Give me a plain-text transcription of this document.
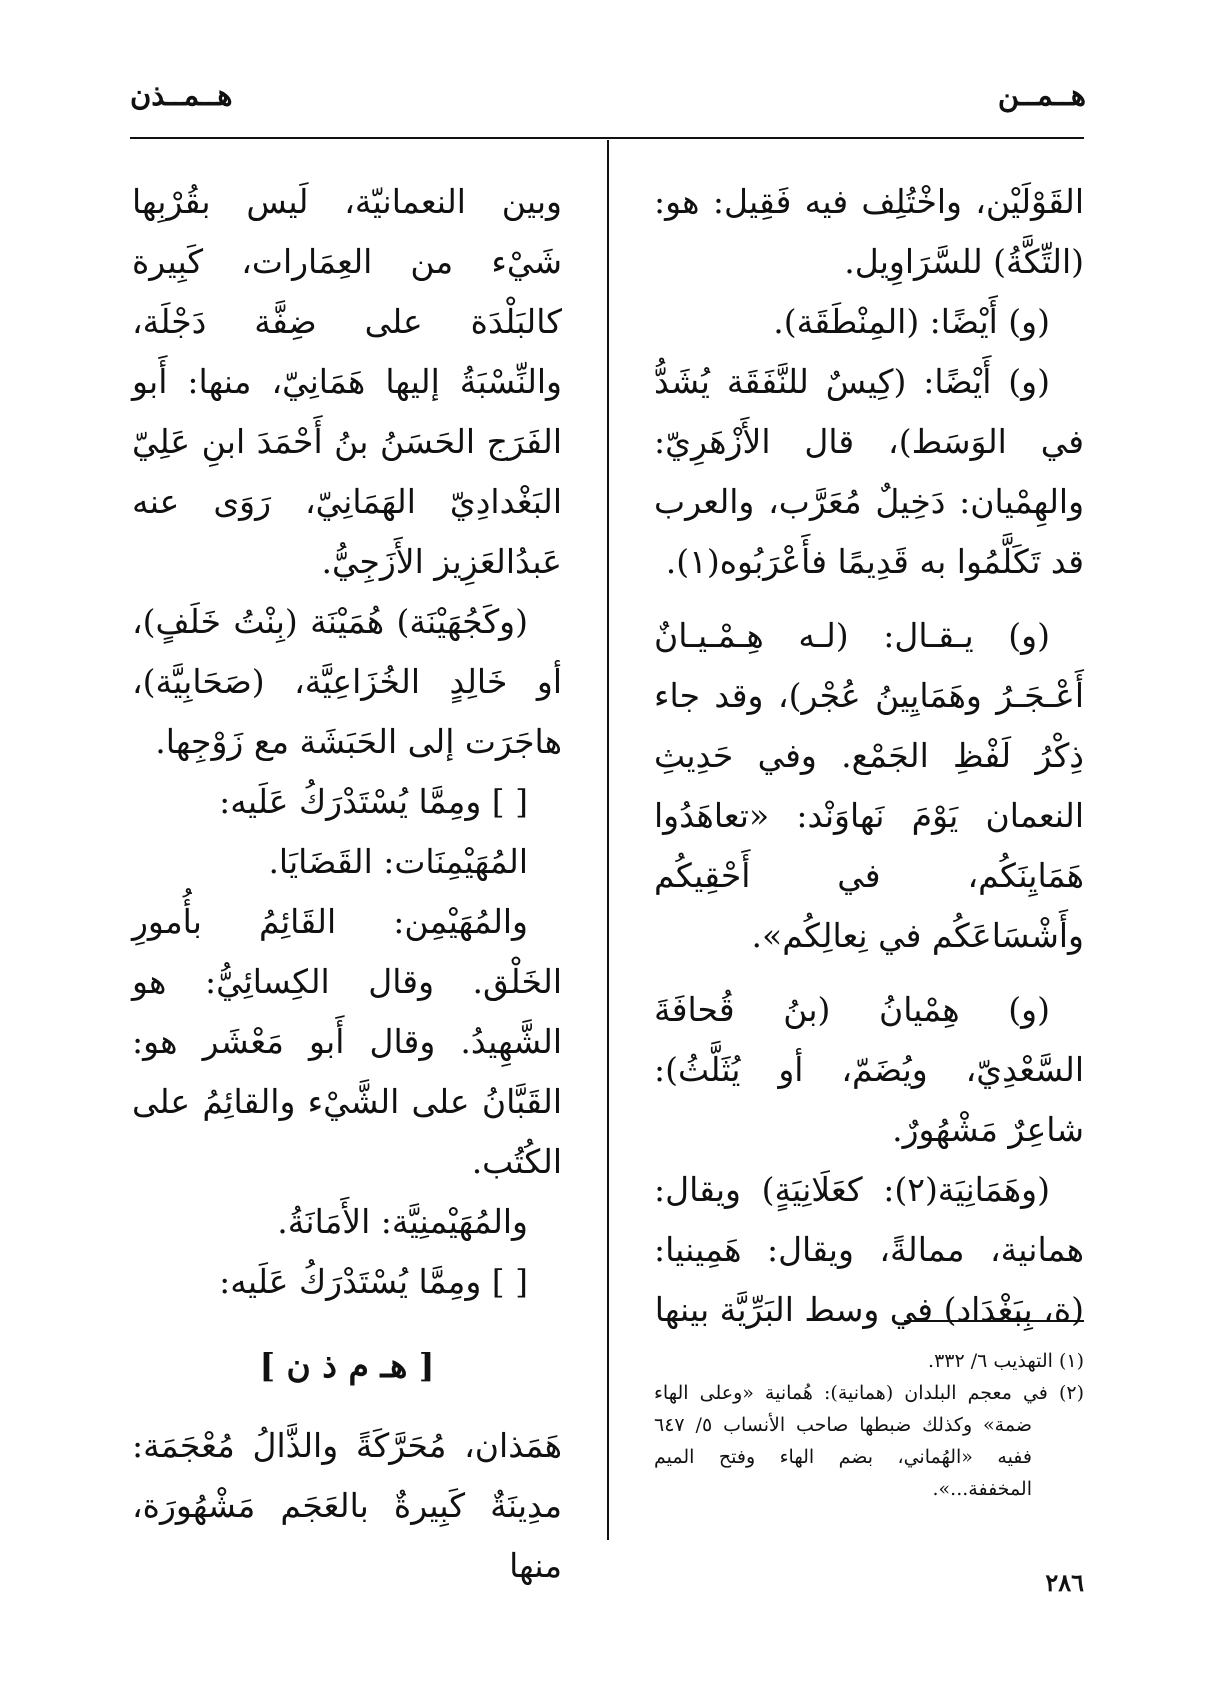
هــمــن
هــمــذن

القَوْلَيْن، واخْتُلِف فيه فَقِيل: هو: (التِّكَّةُ) للسَّرَاوِيل.

(و) أَيْضًا: (المِنْطَقَة).

(و) أَيْضًا: (كِيسٌ للنَّفَقَة يُشَدُّ في الوَسَط)، قال الأَزْهَرِيّ: والهِمْيان: دَخِيلٌ مُعَرَّب، والعرب قد تَكَلَّمُوا به قَدِيمًا فأَعْرَبُوه(١).

(و) يـقـال: (لـه هِـمْـيـانٌ أَعْـجَـرُ وهَمَايِينُ عُجْر)، وقد جاء ذِكْرُ لَفْظِ الجَمْع. وفي حَدِيثِ النعمان يَوْمَ نَهاوَنْد: «تعاهَدُوا هَمَايِنَكُم، في أَحْقِيكُم وأَشْسَاعَكُم في نِعالِكُم».

(و) هِمْيانُ (بنُ قُحافَةَ السَّعْدِيّ، ويُضَمّ، أو يُثَلَّثُ): شاعِرٌ مَشْهُورٌ.

(وهَمَانِيَة(٢): كعَلَانِيَةٍ) ويقال: همانية، ممالةً، ويقال: هَمِينيا: (ة، بِبَغْدَاد) في وسط البَرِّيَّة بينها

وبين النعمانيّة، لَيس بقُرْبِها شَيْء من العِمَارات، كَبِيرة كالبَلْدَة على ضِفَّة دَجْلَة، والنِّسْبَةُ إليها هَمَانِيّ، منها: أَبو الفَرَج الحَسَنُ بنُ أَحْمَدَ ابنِ عَلِيّ البَغْدادِيّ الهَمَانِيّ، رَوَى عنه عَبدُالعَزِيز الأَزَجِيُّ.

(وكَجُهَيْنَة) هُمَيْنَة (بِنْتُ خَلَفٍ)، أو خَالِدٍ الخُزَاعِيَّة، (صَحَابِيَّة)، هاجَرَت إلى الحَبَشَة مع زَوْجِها.

[ ] ومِمَّا يُسْتَدْرَكُ عَلَيه:

المُهَيْمِنَات: القَضَايَا.

والمُهَيْمِن: القَائِمُ بأُمورِ الخَلْق. وقال الكِسائِيُّ: هو الشَّهِيدُ. وقال أَبو مَعْشَر هو: القَبَّانُ على الشَّيْء والقائِمُ على الكُتُب.

والمُهَيْمنِيَّة: الأَمَانَةُ.

[ ] ومِمَّا يُسْتَدْرَكُ عَلَيه:

[ هـ م ذ ن ]

هَمَذان، مُحَرَّكَةً والذَّالُ مُعْجَمَة: مدِينَةٌ كَبِيرةٌ بالعَجَم مَشْهُورَة، منها

(١) التهذيب ٦/ ٣٣٢.

(٢) في معجم البلدان (همانية): هُمانية «وعلى الهاء ضمة» وكذلك ضبطها صاحب الأنساب ٥/ ٦٤٧ ففيه «الهُماني، بضم الهاء وفتح الميم المخففة...».

٢٨٦
